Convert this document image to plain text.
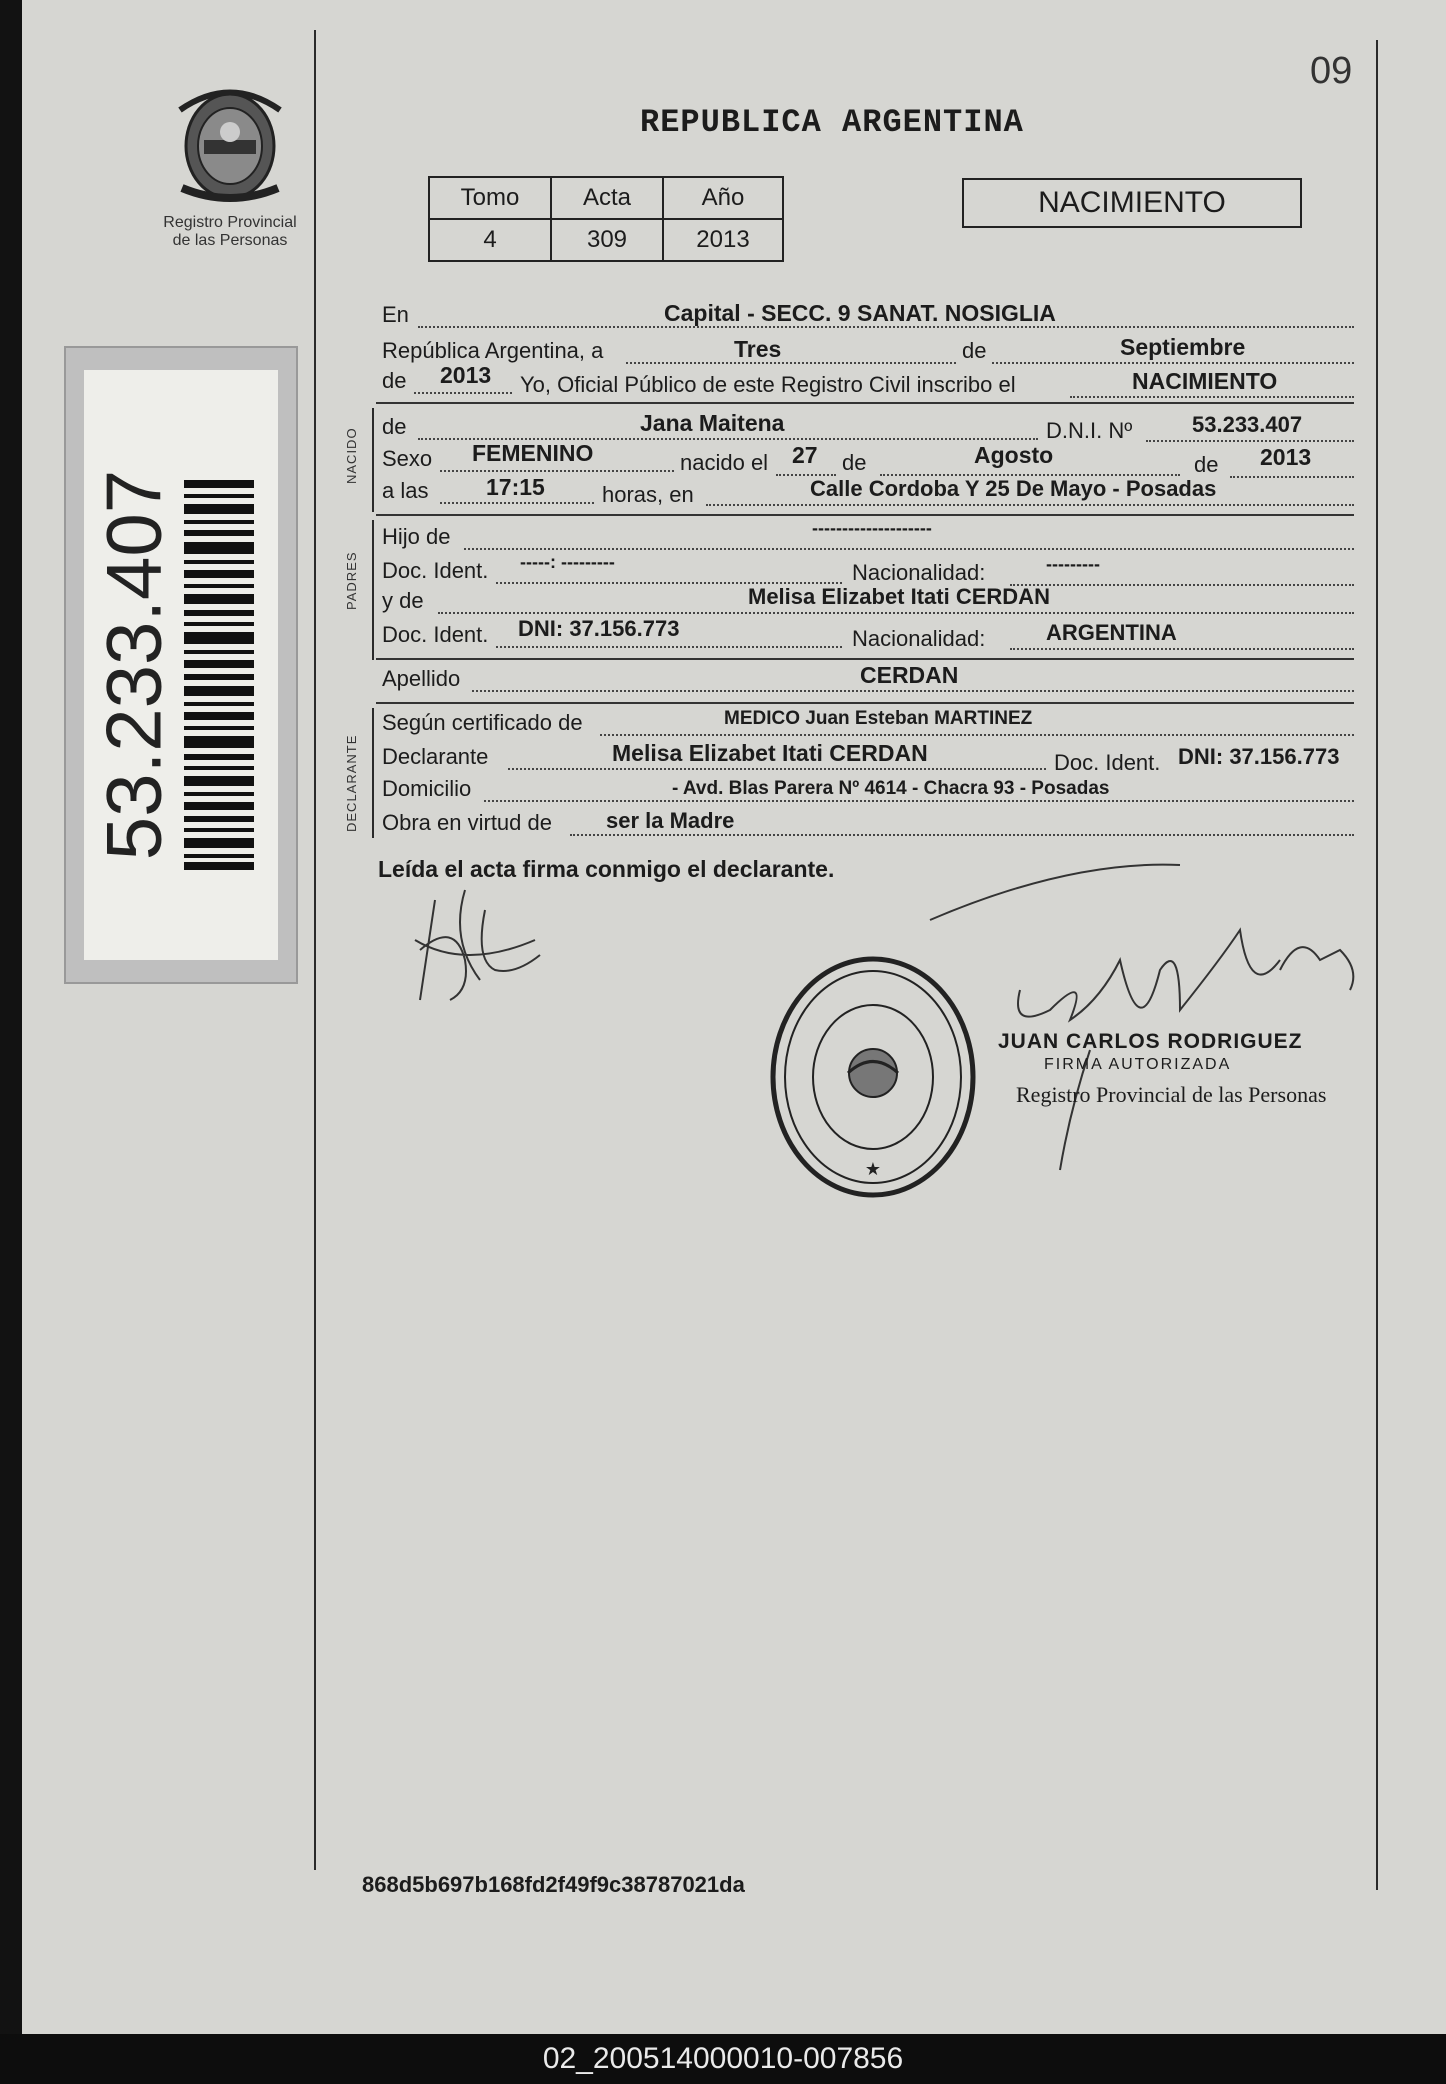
09
Registro Provincial
de las Personas
REPUBLICA ARGENTINA
53.233.407
Tomo	Acta	Año
4	309	2013
NACIMIENTO
En	Capital - SECC. 9 SANAT. NOSIGLIA
República Argentina, a	Tres	de	Septiembre
de 2013 Yo, Oficial Público de este Registro Civil inscribo el	NACIMIENTO
NACIDO
de	Jana Maitena	D.N.I. Nº	53.233.407
Sexo FEMENINO	nacido el 27 de	Agosto	de 2013
a las	17:15	horas, en	Calle Cordoba Y 25 De Mayo - Posadas
PADRES
Hijo de	--------------------
Doc. Ident. -----: ---------	Nacionalidad:	---------
y de	Melisa Elizabet Itati CERDAN
Doc. Ident. DNI: 37.156.773	Nacionalidad:	ARGENTINA
Apellido	CERDAN
DECLARANTE
Según certificado de	MEDICO Juan Esteban MARTINEZ
Declarante	Melisa Elizabet Itati CERDAN	Doc. Ident. DNI: 37.156.773
Domicilio	- Avd. Blas Parera Nº 4614 - Chacra 93 - Posadas
Obra en virtud de ser la Madre
Leída el acta firma conmigo el declarante.
★
JUAN CARLOS RODRIGUEZ
FIRMA AUTORIZADA
Registro Provincial de las Personas
868d5b697b168fd2f49f9c38787021da
02_200514000010-007856
